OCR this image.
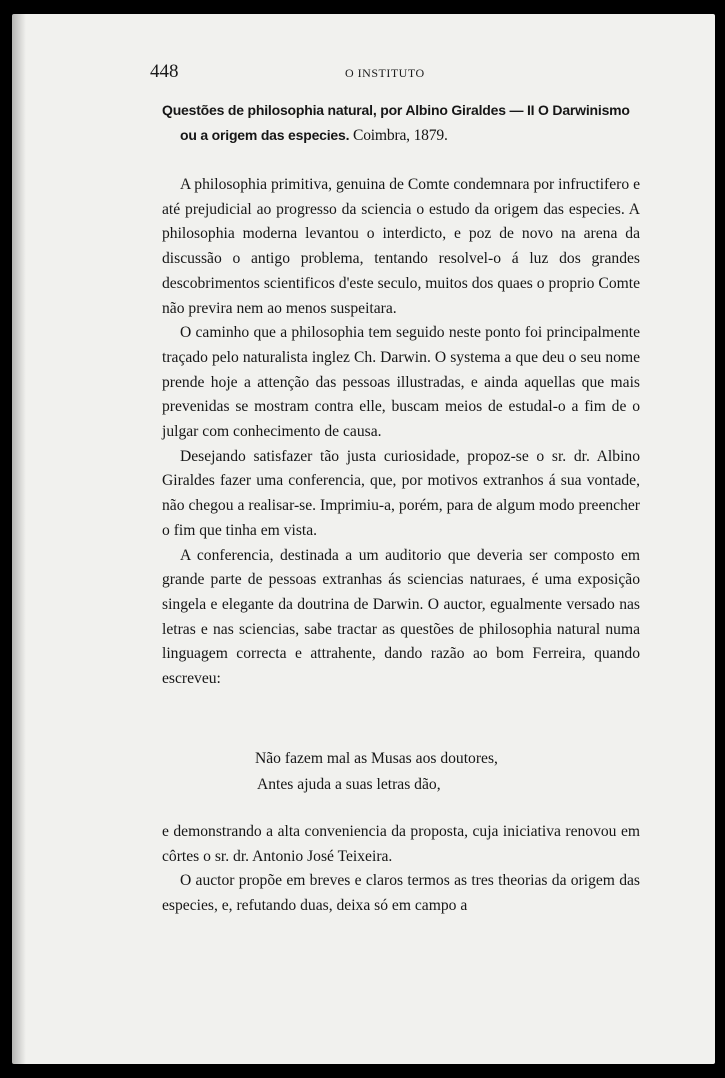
448	O INSTITUTO
Questões de philosophia natural, por Albino Giraldes — II O Darwinismo
ou a origem das especies. Coimbra, 1879.

A philosophia primitiva, genuina de Comte condemnara por infructifero e até prejudicial ao progresso da sciencia o estudo da origem das especies. A philosophia moderna levantou o interdicto, e poz de novo na arena da discussão o antigo problema, tentando resolvel-o á luz dos grandes descobrimentos scientificos d'este seculo, muitos dos quaes o proprio Comte não previra nem ao menos suspeitara.

O caminho que a philosophia tem seguido neste ponto foi principalmente traçado pelo naturalista inglez Ch. Darwin. O systema a que deu o seu nome prende hoje a attenção das pessoas illustradas, e ainda aquellas que mais prevenidas se mostram contra elle, buscam meios de estudal-o a fim de o julgar com conhecimento de causa.

Desejando satisfazer tão justa curiosidade, propoz-se o sr. dr. Albino Giraldes fazer uma conferencia, que, por motivos extranhos á sua vontade, não chegou a realisar-se. Imprimiu-a, porém, para de algum modo preencher o fim que tinha em vista.

A conferencia, destinada a um auditorio que deveria ser composto em grande parte de pessoas extranhas ás sciencias naturaes, é uma exposição singela e elegante da doutrina de Darwin. O auctor, egualmente versado nas letras e nas sciencias, sabe tractar as questões de philosophia natural numa linguagem correcta e attrahente, dando razão ao bom Ferreira, quando escreveu:

Não fazem mal as Musas aos doutores,
Antes ajuda a suas letras dão,

e demonstrando a alta conveniencia da proposta, cuja iniciativa renovou em côrtes o sr. dr. Antonio José Teixeira.

O auctor propõe em breves e claros termos as tres theorias da origem das especies, e, refutando duas, deixa só em campo a
